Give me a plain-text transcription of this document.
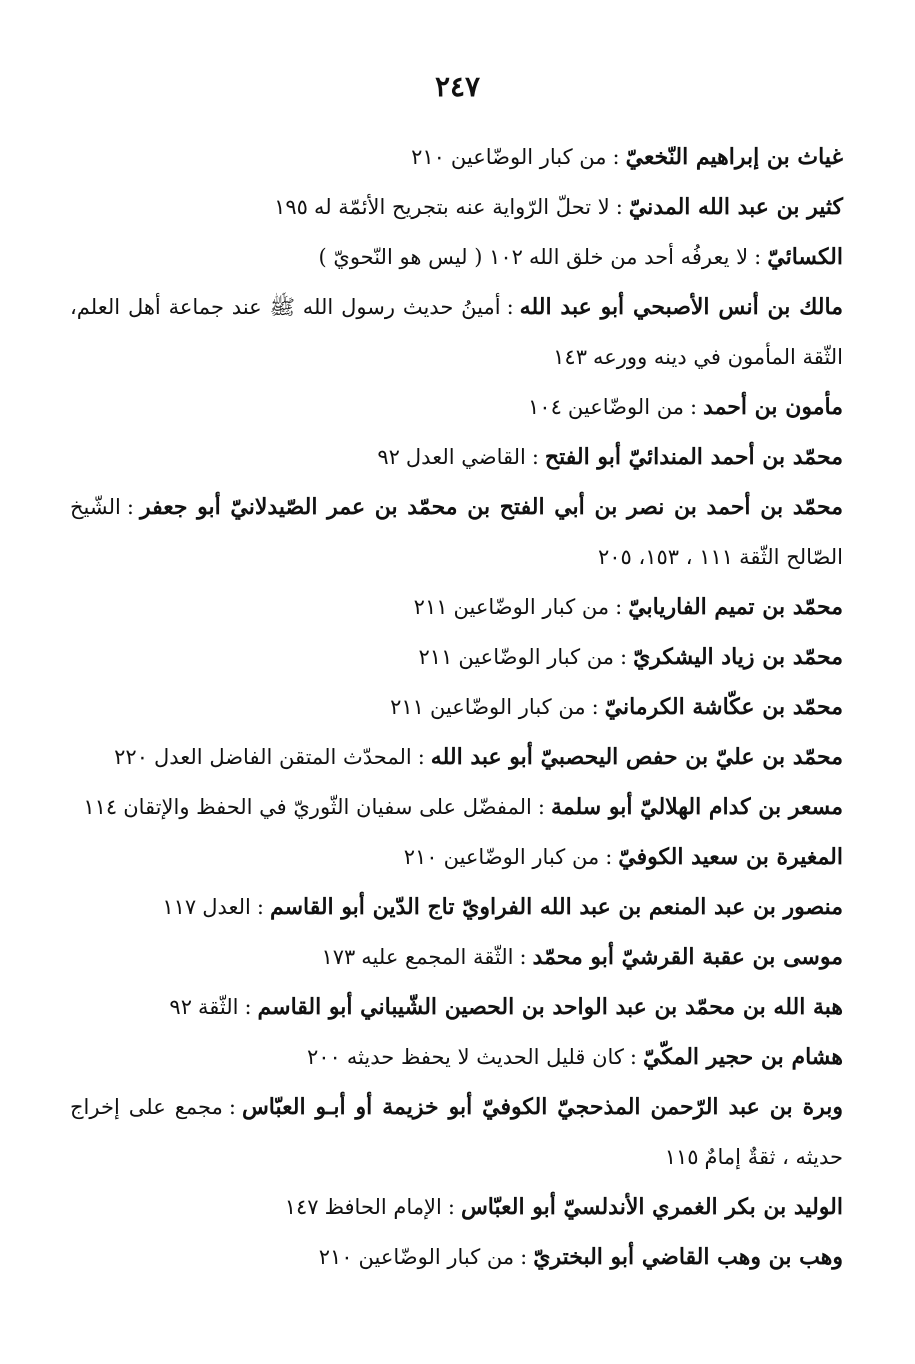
٢٤٧
غياث بن إبراهيم النّخعيّ:من كبار الوضّاعين٢١٠
كثير بن عبد الله المدنيّ:لا تحلّ الرّواية عنه بتجريح الأئمّة له١٩٥
الكسائيّ:لا يعرفُه أحد من خلق الله١٠٢ ( ليس هو النّحويّ )
مالك بن أنس الأصبحي أبو عبد الله:أمينُ حديث رسول الله ﷺ عند جماعة أهل العلم، الثّقة المأمون في دينه وورعه١٤٣
مأمون بن أحمد:من الوضّاعين١٠٤
محمّد بن أحمد المندائيّ أبو الفتح:القاضي العدل٩٢
محمّد بن أحمد بن نصر بن أبي الفتح بن محمّد بن عمر الصّيدلانيّ أبو جعفر:الشّيخ الصّالح الثّقة١١١ ، ١٥٣، ٢٠٥
محمّد بن تميم الفاريابيّ:من كبار الوضّاعين٢١١
محمّد بن زياد اليشكريّ:من كبار الوضّاعين٢١١
محمّد بن عكّاشة الكرمانيّ:من كبار الوضّاعين٢١١
محمّد بن عليّ بن حفص اليحصبيّ أبو عبد الله:المحدّث المتقن الفاضل العدل٢٢٠
مسعر بن كدام الهلاليّ أبو سلمة:المفضّل على سفيان الثّوريّ في الحفظ والإتقان١١٤
المغيرة بن سعيد الكوفيّ:من كبار الوضّاعين٢١٠
منصور بن عبد المنعم بن عبد الله الفراويّ تاج الدّين أبو القاسم:العدل١١٧
موسى بن عقبة القرشيّ أبو محمّد:الثّقة المجمع عليه١٧٣
هبة الله بن محمّد بن عبد الواحد بن الحصين الشّيباني أبو القاسم:الثّقة٩٢
هشام بن حجير المكّيّ:كان قليل الحديث لا يحفظ حديثه٢٠٠
وبرة بن عبد الرّحمن المذحجيّ الكوفيّ أبو خزيمة أو أبـو العبّاس:مجمع على إخراج حديثه ، ثقةٌ إمامٌ١١٥
الوليد بن بكر الغمري الأندلسيّ أبو العبّاس:الإمام الحافظ١٤٧
وهب بن وهب القاضي أبو البختريّ:من كبار الوضّاعين٢١٠
